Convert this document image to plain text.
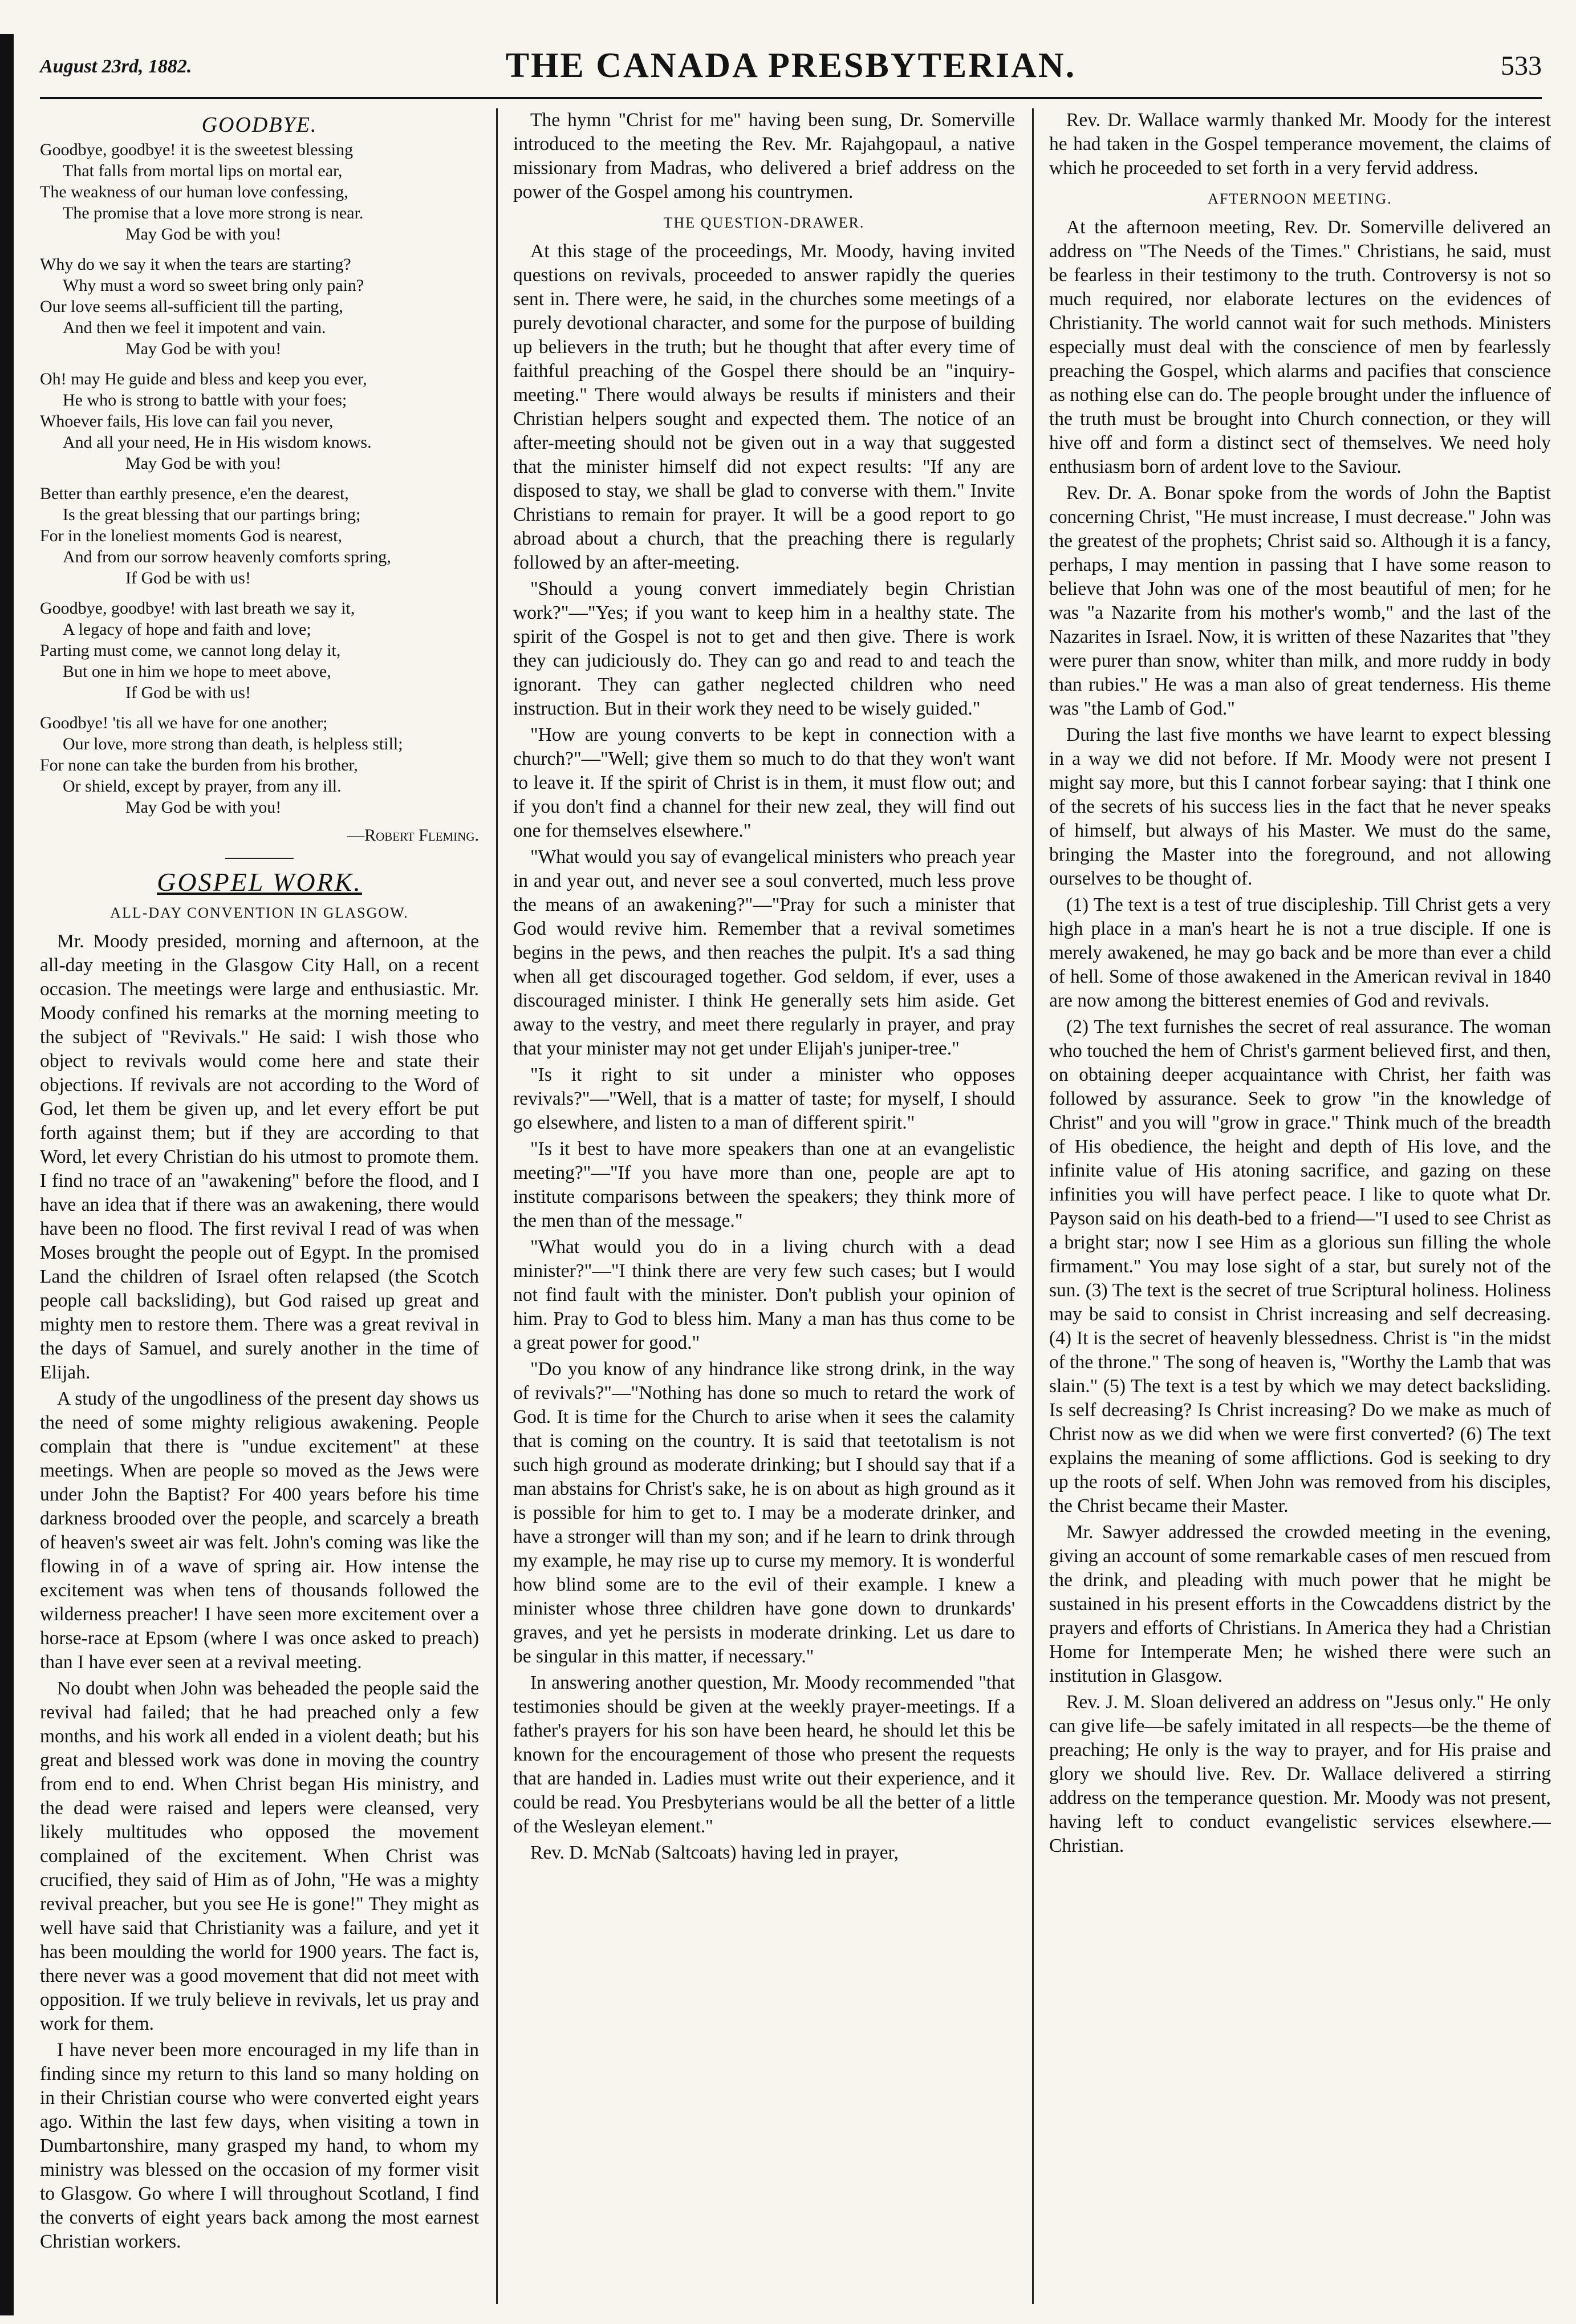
August 23rd, 1882.	THE CANADA PRESBYTERIAN.	533
GOODBYE.
Goodbye, goodbye! it is the sweetest blessing
That falls from mortal lips on mortal ear,
The weakness of our human love confessing,
The promise that a love more strong is near.
May God be with you!
Why do we say it when the tears are starting?
Why must a word so sweet bring only pain?
Our love seems all-sufficient till the parting,
And then we feel it impotent and vain.
May God be with you!
Oh! may He guide and bless and keep you ever,
He who is strong to battle with your foes;
Whoever fails, His love can fail you never,
And all your need, He in His wisdom knows.
May God be with you!
Better than earthly presence, e'en the dearest,
Is the great blessing that our partings bring;
For in the loneliest moments God is nearest,
And from our sorrow heavenly comforts spring,
If God be with us!
Goodbye, goodbye! with last breath we say it,
A legacy of hope and faith and love;
Parting must come, we cannot long delay it,
But one in him we hope to meet above,
If God be with us!
Goodbye! 'tis all we have for one another;
Our love, more strong than death, is helpless still;
For none can take the burden from his brother,
Or shield, except by prayer, from any ill.
May God be with you!
—Robert Fleming.
GOSPEL WORK.
ALL-DAY CONVENTION IN GLASGOW.

Mr. Moody presided, morning and afternoon, at the all-day meeting in the Glasgow City Hall, on a recent occasion. The meetings were large and enthusiastic. Mr. Moody confined his remarks at the morning meeting to the subject of "Revivals." He said: I wish those who object to revivals would come here and state their objections. If revivals are not according to the Word of God, let them be given up, and let every effort be put forth against them; but if they are according to that Word, let every Christian do his utmost to promote them. I find no trace of an "awakening" before the flood, and I have an idea that if there was an awakening, there would have been no flood. The first revival I read of was when Moses brought the people out of Egypt. In the promised Land the children of Israel often relapsed (the Scotch people call backsliding), but God raised up great and mighty men to restore them. There was a great revival in the days of Samuel, and surely another in the time of Elijah.

A study of the ungodliness of the present day shows us the need of some mighty religious awakening. People complain that there is "undue excitement" at these meetings. When are people so moved as the Jews were under John the Baptist? For 400 years before his time darkness brooded over the people, and scarcely a breath of heaven's sweet air was felt. John's coming was like the flowing in of a wave of spring air. How intense the excitement was when tens of thousands followed the wilderness preacher! I have seen more excitement over a horse-race at Epsom (where I was once asked to preach) than I have ever seen at a revival meeting.

No doubt when John was beheaded the people said the revival had failed; that he had preached only a few months, and his work all ended in a violent death; but his great and blessed work was done in moving the country from end to end. When Christ began His ministry, and the dead were raised and lepers were cleansed, very likely multitudes who opposed the movement complained of the excitement. When Christ was crucified, they said of Him as of John, "He was a mighty revival preacher, but you see He is gone!" They might as well have said that Christianity was a failure, and yet it has been moulding the world for 1900 years. The fact is, there never was a good movement that did not meet with opposition. If we truly believe in revivals, let us pray and work for them.

I have never been more encouraged in my life than in finding since my return to this land so many holding on in their Christian course who were converted eight years ago. Within the last few days, when visiting a town in Dumbartonshire, many grasped my hand, to whom my ministry was blessed on the occasion of my former visit to Glasgow. Go where I will throughout Scotland, I find the converts of eight years back among the most earnest Christian workers.

The hymn "Christ for me" having been sung, Dr. Somerville introduced to the meeting the Rev. Mr. Rajahgopaul, a native missionary from Madras, who delivered a brief address on the power of the Gospel among his countrymen.

THE QUESTION-DRAWER.

At this stage of the proceedings, Mr. Moody, having invited questions on revivals, proceeded to answer rapidly the queries sent in. There were, he said, in the churches some meetings of a purely devotional character, and some for the purpose of building up believers in the truth; but he thought that after every time of faithful preaching of the Gospel there should be an "inquiry-meeting." There would always be results if ministers and their Christian helpers sought and expected them. The notice of an after-meeting should not be given out in a way that suggested that the minister himself did not expect results: "If any are disposed to stay, we shall be glad to converse with them." Invite Christians to remain for prayer. It will be a good report to go abroad about a church, that the preaching there is regularly followed by an after-meeting.

"Should a young convert immediately begin Christian work?"—"Yes; if you want to keep him in a healthy state. The spirit of the Gospel is not to get and then give. There is work they can judiciously do. They can go and read to and teach the ignorant. They can gather neglected children who need instruction. But in their work they need to be wisely guided."

"How are young converts to be kept in connection with a church?"—"Well; give them so much to do that they won't want to leave it. If the spirit of Christ is in them, it must flow out; and if you don't find a channel for their new zeal, they will find out one for themselves elsewhere."

"What would you say of evangelical ministers who preach year in and year out, and never see a soul converted, much less prove the means of an awakening?"—"Pray for such a minister that God would revive him. Remember that a revival sometimes begins in the pews, and then reaches the pulpit. It's a sad thing when all get discouraged together. God seldom, if ever, uses a discouraged minister. I think He generally sets him aside. Get away to the vestry, and meet there regularly in prayer, and pray that your minister may not get under Elijah's juniper-tree."

"Is it right to sit under a minister who opposes revivals?"—"Well, that is a matter of taste; for myself, I should go elsewhere, and listen to a man of different spirit."

"Is it best to have more speakers than one at an evangelistic meeting?"—"If you have more than one, people are apt to institute comparisons between the speakers; they think more of the men than of the message."

"What would you do in a living church with a dead minister?"—"I think there are very few such cases; but I would not find fault with the minister. Don't publish your opinion of him. Pray to God to bless him. Many a man has thus come to be a great power for good."

"Do you know of any hindrance like strong drink, in the way of revivals?"—"Nothing has done so much to retard the work of God. It is time for the Church to arise when it sees the calamity that is coming on the country. It is said that teetotalism is not such high ground as moderate drinking; but I should say that if a man abstains for Christ's sake, he is on about as high ground as it is possible for him to get to. I may be a moderate drinker, and have a stronger will than my son; and if he learn to drink through my example, he may rise up to curse my memory. It is wonderful how blind some are to the evil of their example. I knew a minister whose three children have gone down to drunkards' graves, and yet he persists in moderate drinking. Let us dare to be singular in this matter, if necessary."

In answering another question, Mr. Moody recommended "that testimonies should be given at the weekly prayer-meetings. If a father's prayers for his son have been heard, he should let this be known for the encouragement of those who present the requests that are handed in. Ladies must write out their experience, and it could be read. You Presbyterians would be all the better of a little of the Wesleyan element."

Rev. D. McNab (Saltcoats) having led in prayer,

Rev. Dr. Wallace warmly thanked Mr. Moody for the interest he had taken in the Gospel temperance movement, the claims of which he proceeded to set forth in a very fervid address.

AFTERNOON MEETING.

At the afternoon meeting, Rev. Dr. Somerville delivered an address on "The Needs of the Times." Christians, he said, must be fearless in their testimony to the truth. Controversy is not so much required, nor elaborate lectures on the evidences of Christianity. The world cannot wait for such methods. Ministers especially must deal with the conscience of men by fearlessly preaching the Gospel, which alarms and pacifies that conscience as nothing else can do. The people brought under the influence of the truth must be brought into Church connection, or they will hive off and form a distinct sect of themselves. We need holy enthusiasm born of ardent love to the Saviour.

Rev. Dr. A. Bonar spoke from the words of John the Baptist concerning Christ, "He must increase, I must decrease." John was the greatest of the prophets; Christ said so. Although it is a fancy, perhaps, I may mention in passing that I have some reason to believe that John was one of the most beautiful of men; for he was "a Nazarite from his mother's womb," and the last of the Nazarites in Israel. Now, it is written of these Nazarites that "they were purer than snow, whiter than milk, and more ruddy in body than rubies." He was a man also of great tenderness. His theme was "the Lamb of God."

During the last five months we have learnt to expect blessing in a way we did not before. If Mr. Moody were not present I might say more, but this I cannot forbear saying: that I think one of the secrets of his success lies in the fact that he never speaks of himself, but always of his Master. We must do the same, bringing the Master into the foreground, and not allowing ourselves to be thought of.

(1) The text is a test of true discipleship. Till Christ gets a very high place in a man's heart he is not a true disciple. If one is merely awakened, he may go back and be more than ever a child of hell. Some of those awakened in the American revival in 1840 are now among the bitterest enemies of God and revivals.

(2) The text furnishes the secret of real assurance. The woman who touched the hem of Christ's garment believed first, and then, on obtaining deeper acquaintance with Christ, her faith was followed by assurance. Seek to grow "in the knowledge of Christ" and you will "grow in grace." Think much of the breadth of His obedience, the height and depth of His love, and the infinite value of His atoning sacrifice, and gazing on these infinities you will have perfect peace. I like to quote what Dr. Payson said on his death-bed to a friend—"I used to see Christ as a bright star; now I see Him as a glorious sun filling the whole firmament." You may lose sight of a star, but surely not of the sun. (3) The text is the secret of true Scriptural holiness. Holiness may be said to consist in Christ increasing and self decreasing. (4) It is the secret of heavenly blessedness. Christ is "in the midst of the throne." The song of heaven is, "Worthy the Lamb that was slain." (5) The text is a test by which we may detect backsliding. Is self decreasing? Is Christ increasing? Do we make as much of Christ now as we did when we were first converted? (6) The text explains the meaning of some afflictions. God is seeking to dry up the roots of self. When John was removed from his disciples, the Christ became their Master.

Mr. Sawyer addressed the crowded meeting in the evening, giving an account of some remarkable cases of men rescued from the drink, and pleading with much power that he might be sustained in his present efforts in the Cowcaddens district by the prayers and efforts of Christians. In America they had a Christian Home for Intemperate Men; he wished there were such an institution in Glasgow.

Rev. J. M. Sloan delivered an address on "Jesus only." He only can give life—be safely imitated in all respects—be the theme of preaching; He only is the way to prayer, and for His praise and glory we should live. Rev. Dr. Wallace delivered a stirring address on the temperance question. Mr. Moody was not present, having left to conduct evangelistic services elsewhere.—Christian.
